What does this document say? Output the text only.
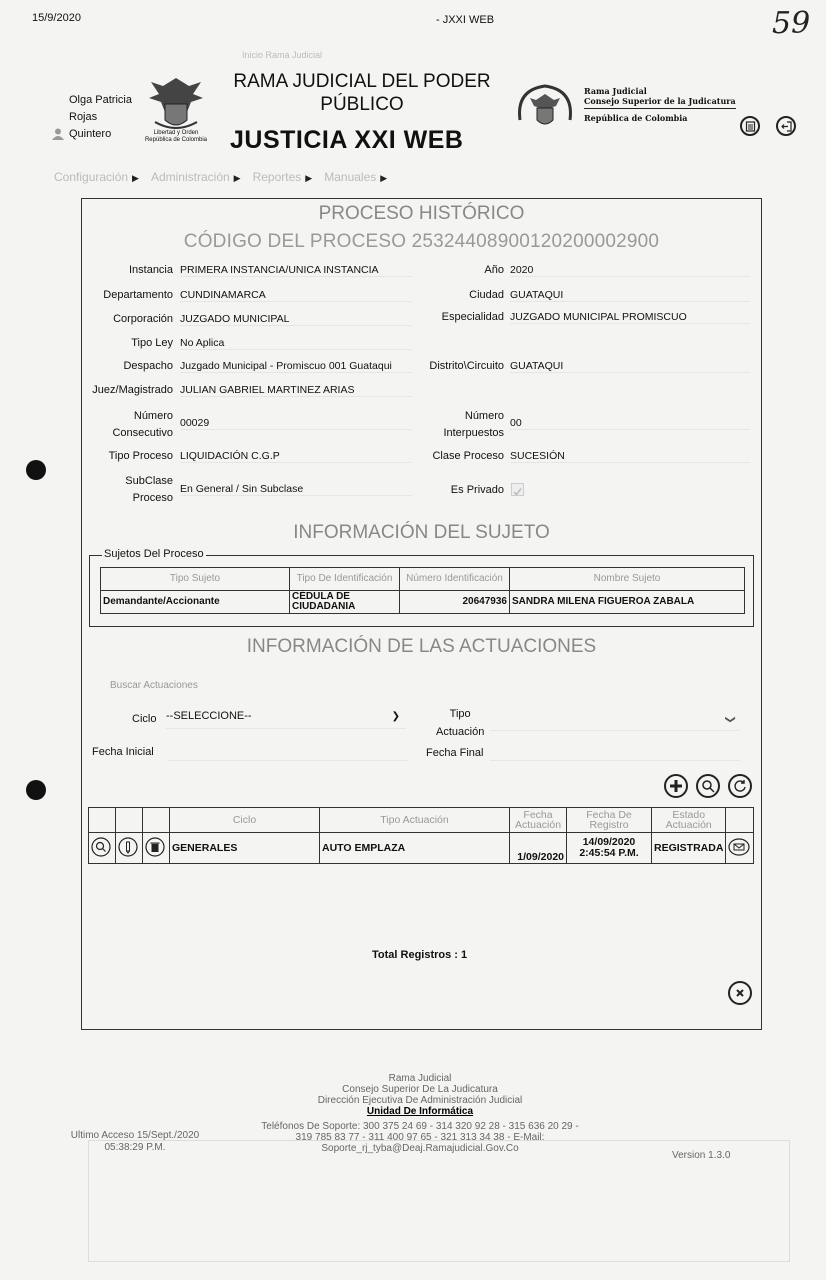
15/9/2020	- JXXI WEB	59
Inicio Rama Judicial
Olga Patricia
Rojas
Quintero	Libertad y Orden
República de Colombia
RAMA JUDICIAL DEL PODER
PÚBLICO
JUSTICIA XXI WEB
Rama Judicial
Consejo Superior de la Judicatura
República de Colombia
Configuración ▶ Administración ▶ Reportes ▶ Manuales ▶
PROCESO HISTÓRICO
CÓDIGO DEL PROCESO 25324408900120200002900
Instancia PRIMERA INSTANCIA/UNICA INSTANCIA	Año 2020
Departamento CUNDINAMARCA	Ciudad GUATAQUI
Corporación JUZGADO MUNICIPAL	Especialidad JUZGADO MUNICIPAL PROMISCUO
Tipo Ley No Aplica
Despacho Juzgado Municipal - Promiscuo 001 Guataqui	Distrito\Circuito GUATAQUI
Juez/Magistrado JULIAN GABRIEL MARTINEZ ARIAS
Número
Consecutivo
00029
Número
Interpuestos
00
Tipo Proceso LIQUIDACIÓN C.G.P	Clase Proceso SUCESIÓN
SubClase
Proceso
En General / Sin Subclase	Es Privado
INFORMACIÓN DEL SUJETO
Sujetos Del Proceso
Tipo Sujeto	Tipo De Identificación	Número Identificación	Nombre Sujeto
Demandante/Accionante	CÉDULA DE CIUDADANIA	20647936	SANDRA MILENA FIGUEROA ZABALA
INFORMACIÓN DE LAS ACTUACIONES
Buscar Actuaciones
Ciclo --SELECCIONE--	❯	Tipo
Actuación
❯
Fecha Inicial	Fecha Final
			Ciclo	Tipo Actuación	Fecha Actuación	Fecha De Registro	Estado Actuación	
			GENERALES	AUTO EMPLAZA	1/09/2020	14/09/2020 2:45:54 P.M.	REGISTRADA	
Total Registros : 1
Rama Judicial
Consejo Superior De La Judicatura
Dirección Ejecutiva De Administración Judicial
Unidad De Informática
Teléfonos De Soporte: 300 375 24 69 - 314 320 92 28 - 315 636 20 29 -
319 785 83 77 - 311 400 97 65 - 321 313 34 38 - E-Mail:
Soporte_rj_tyba@Deaj.Ramajudicial.Gov.Co
Ultimo Acceso 15/Sept./2020
05:38:29 P.M.
Version 1.3.0
